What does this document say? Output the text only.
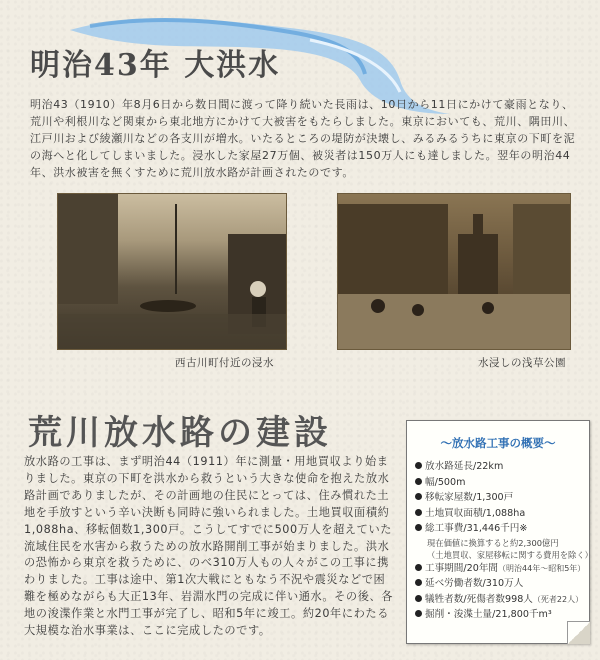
明治43年 大洪水
明治43（1910）年8月6日から数日間に渡って降り続いた長雨は、10日から11日にかけて豪雨となり、荒川や利根川など関東から東北地方にかけて大被害をもたらしました。東京においても、荒川、隅田川、江戸川および綾瀬川などの各支川が増水。いたるところの堤防が決壊し、みるみるうちに東京の下町を泥の海へと化してしまいました。浸水した家屋27万個、被災者は150万人にも達しました。翌年の明治44年、洪水被害を無くすために荒川放水路が計画されたのです。
西古川町付近の浸水	水浸しの浅草公園
荒川放水路の建設
放水路の工事は、まず明治44（1911）年に測量・用地買収より始まりました。東京の下町を洪水から救うという大きな使命を抱えた放水路計画でありましたが、その計画地の住民にとっては、住み慣れた土地を手放すという辛い決断も同時に強いられました。土地買収面積約1,088ha、移転個数1,300戸。こうしてすでに500万人を超えていた流域住民を水害から救うための放水路開削工事が始まりました。洪水の恐怖から東京を救うために、のべ310万人もの人々がこの工事に携わりました。工事は途中、第1次大戦にともなう不況や震災などで困難を極めながらも大正13年、岩淵水門の完成に伴い通水。その後、各地の浚渫作業と水門工事が完了し、昭和5年に竣工。約20年にわたる大規模な治水事業は、ここに完成したのです。
～放水路工事の概要～
放水路延長/22km
幅/500m
移転家屋数/1,300戸
土地買収面積/1,088ha
総工事費/31,446千円※
現在価値に換算すると約2,300億円
（土地買収、家屋移転に関する費用を除く）
工事期間/20年間（明治44年〜昭和5年）
延べ労働者数/310万人
犠牲者数/死傷者数998人（死者22人）
掘削・浚渫土量/21,800千m³
